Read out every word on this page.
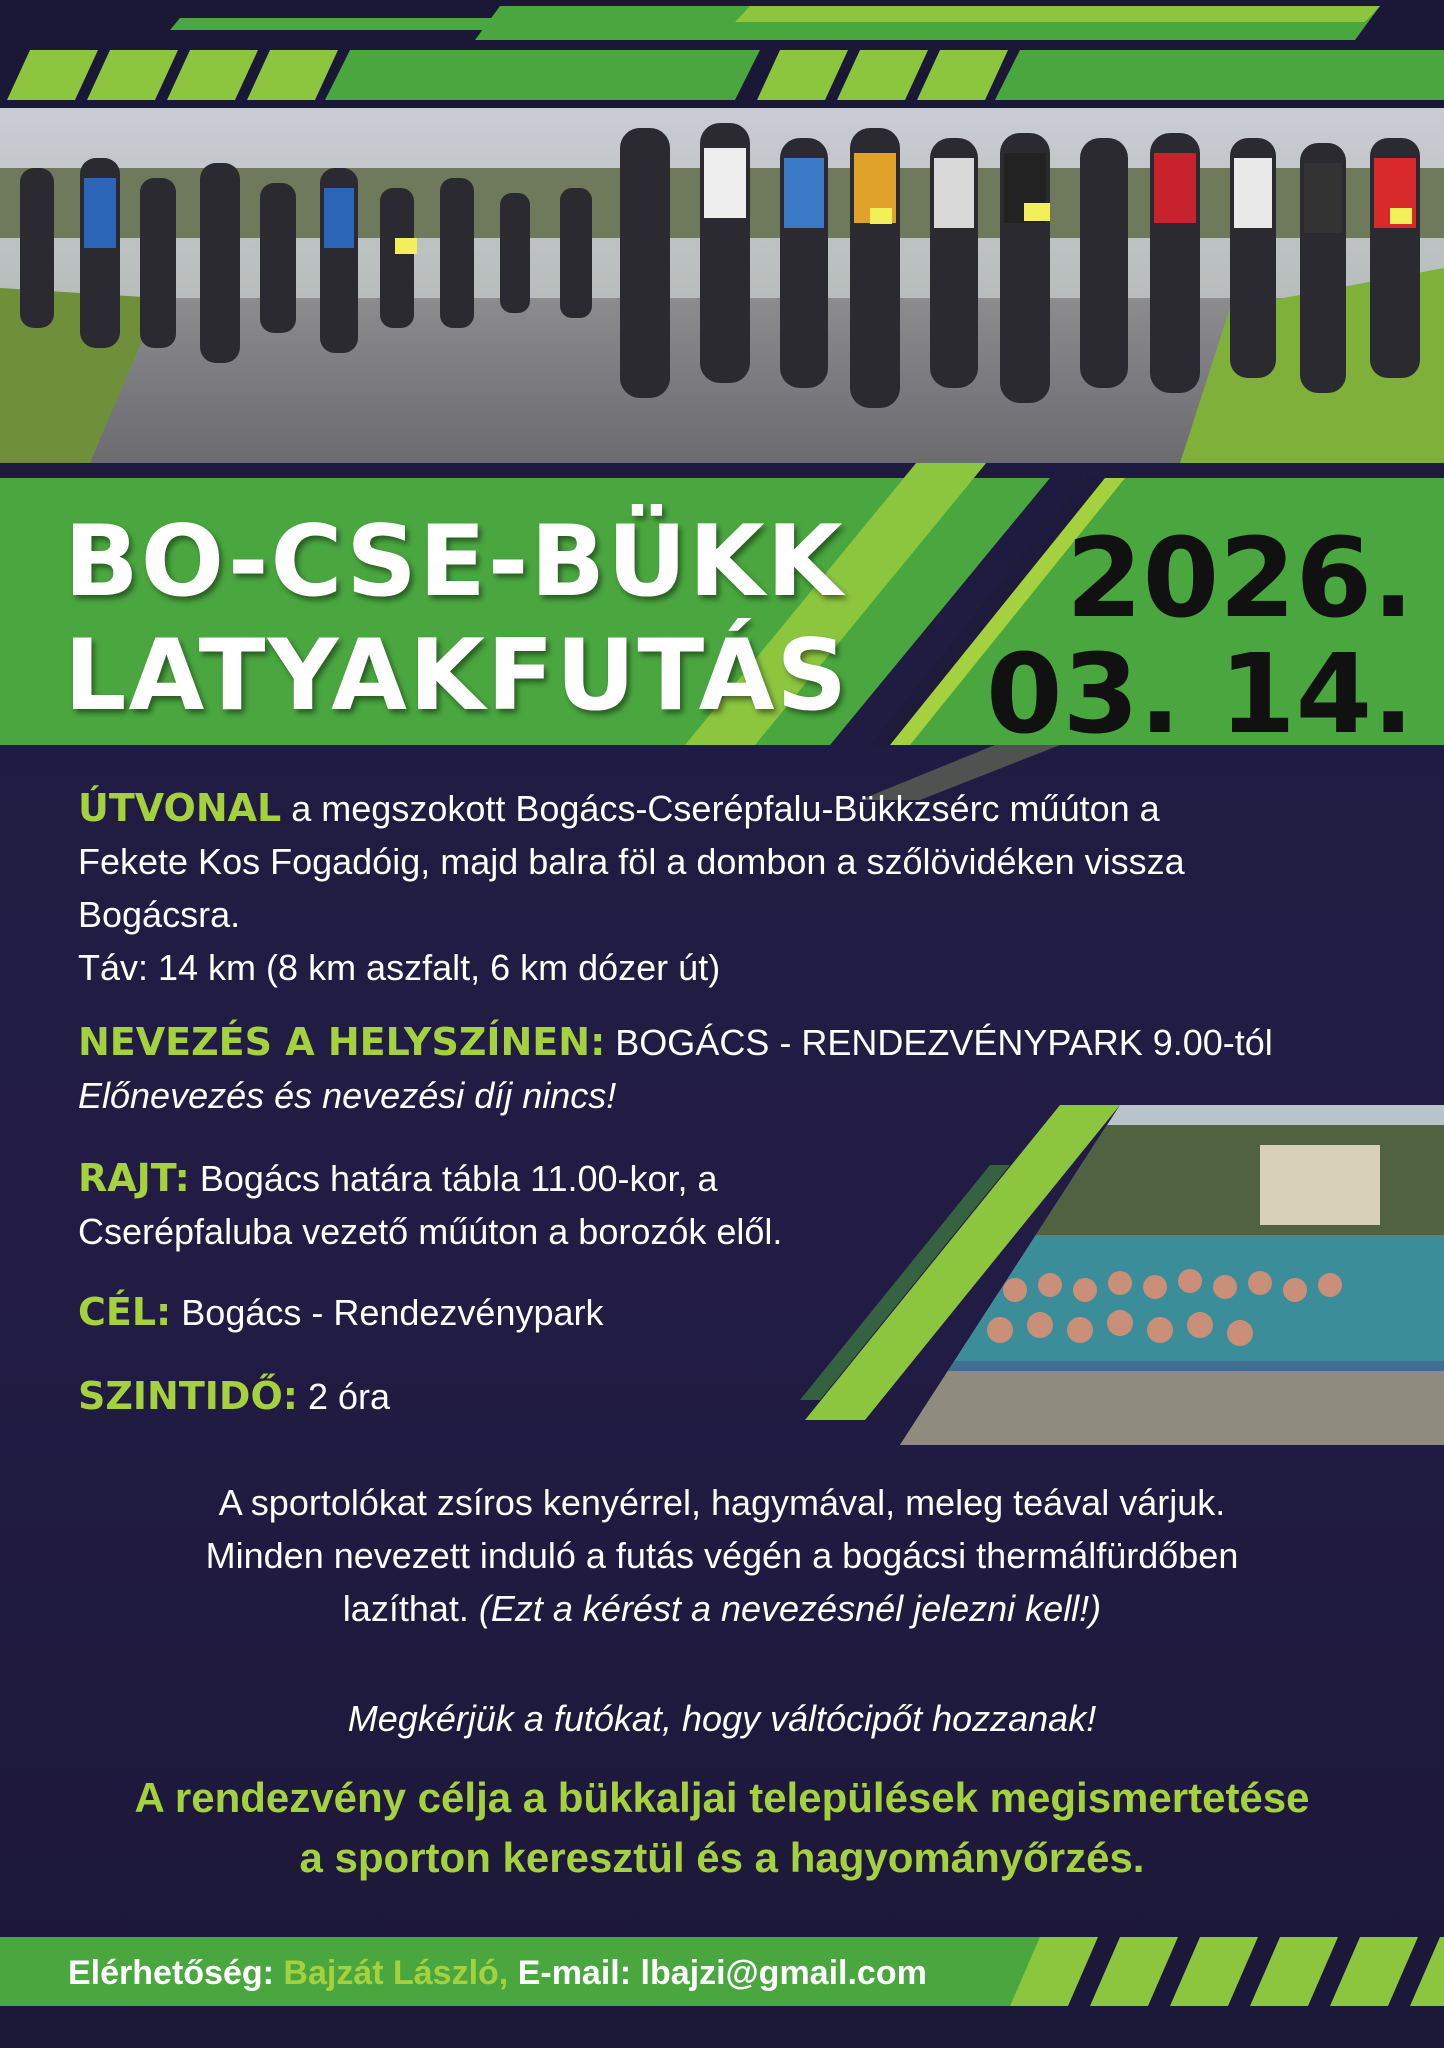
BO-CSE-BÜKK
LATYAKFUTÁS
2026.
03. 14.
ÚTVONAL a megszokott Bogács-Cserépfalu-Bükkzsérc műúton a
Fekete Kos Fogadóig, majd balra föl a dombon a szőlövidéken vissza
Bogácsra.
Táv: 14 km (8 km aszfalt, 6 km dózer út)
NEVEZÉS A HELYSZÍNEN: BOGÁCS - RENDEZVÉNYPARK 9.00-tól
Előnevezés és nevezési díj nincs!
RAJT: Bogács határa tábla 11.00-kor, a
Cserépfaluba vezető műúton a borozók elől.
CÉL: Bogács - Rendezvénypark
SZINTIDŐ: 2 óra
A sportolókat zsíros kenyérrel, hagymával, meleg teával várjuk.
Minden nevezett induló a futás végén a bogácsi thermálfürdőben
lazíthat. (Ezt a kérést a nevezésnél jelezni kell!)
Megkérjük a futókat, hogy váltócipőt hozzanak!
A rendezvény célja a bükkaljai települések megismertetése
a sporton keresztül és a hagyományőrzés.
Elérhetőség: Bajzát László, E-mail: lbajzi@gmail.com
